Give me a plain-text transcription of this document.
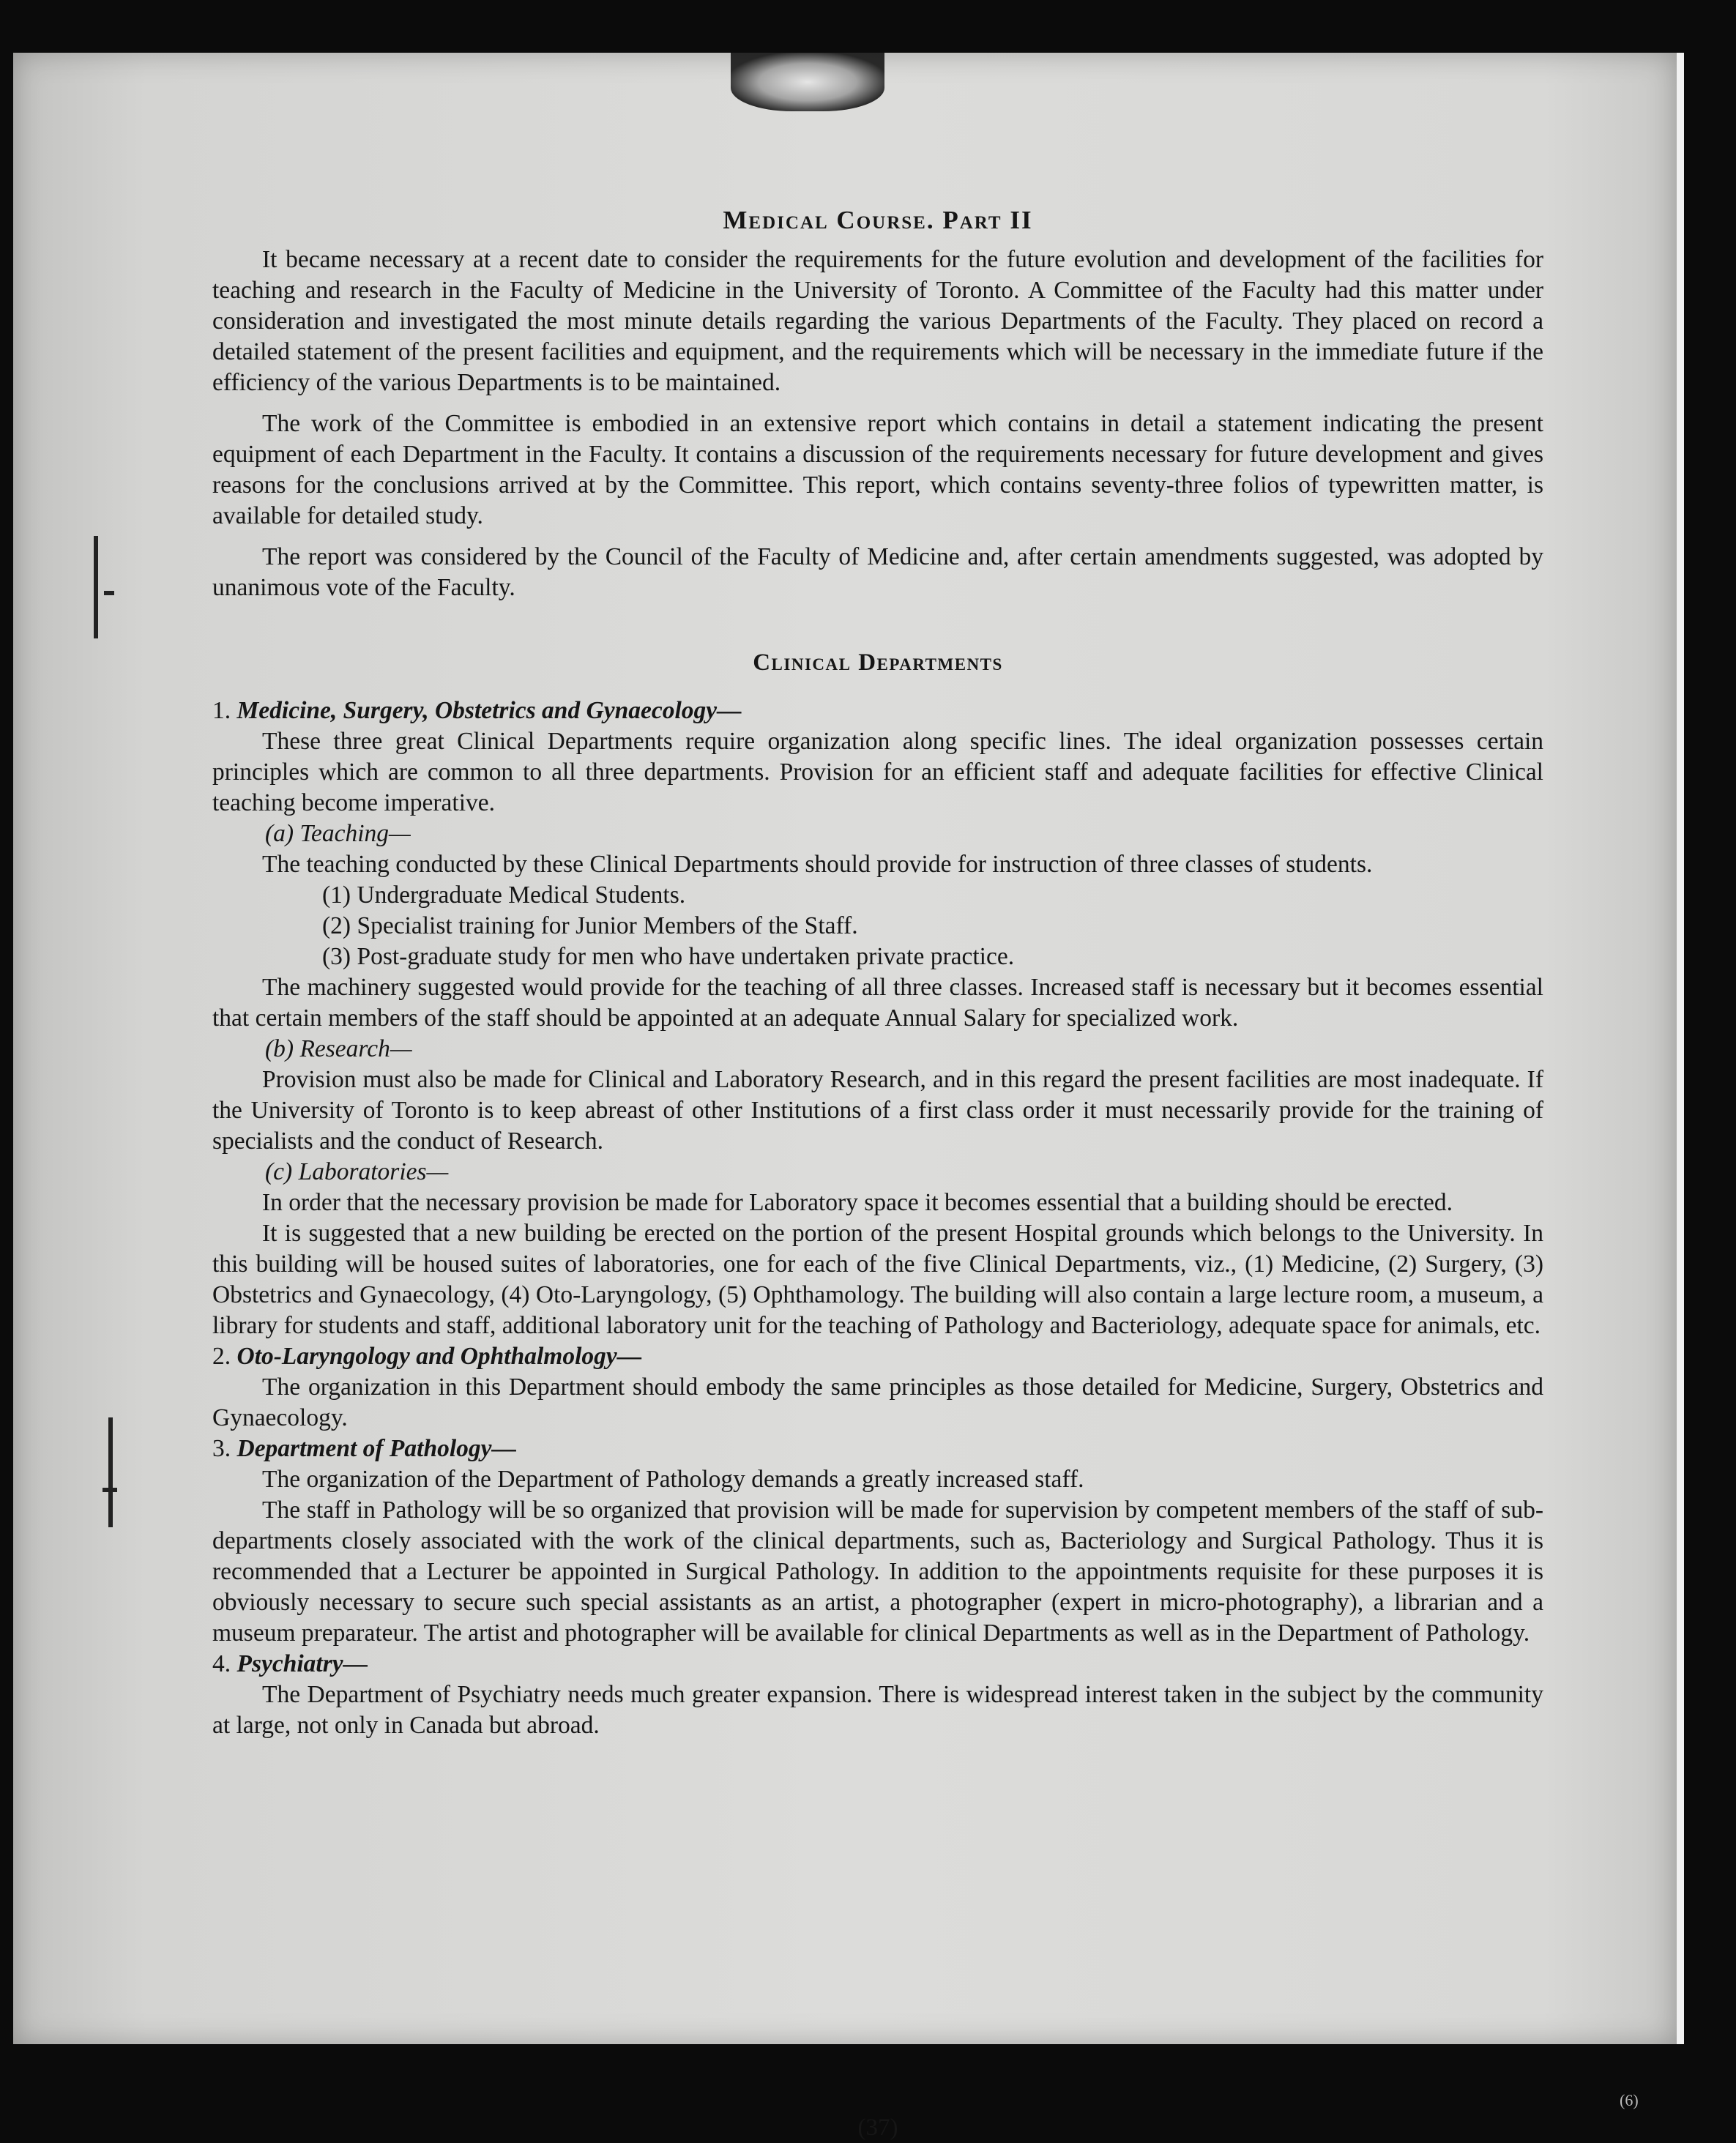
Medical Course. Part II

It became necessary at a recent date to consider the requirements for the future evolution and development of the facilities for teaching and research in the Faculty of Medicine in the University of Toronto. A Committee of the Faculty had this matter under consideration and investigated the most minute details regarding the various Departments of the Faculty. They placed on record a detailed statement of the present facilities and equipment, and the requirements which will be necessary in the immediate future if the efficiency of the various Departments is to be maintained.

The work of the Committee is embodied in an extensive report which contains in detail a statement indicating the present equipment of each Department in the Faculty. It contains a discussion of the requirements necessary for future development and gives reasons for the conclusions arrived at by the Committee. This report, which contains seventy-three folios of typewritten matter, is available for detailed study.

The report was considered by the Council of the Faculty of Medicine and, after certain amendments suggested, was adopted by unanimous vote of the Faculty.

Clinical Departments

1. Medicine, Surgery, Obstetrics and Gynaecology—

These three great Clinical Departments require organization along specific lines. The ideal organization possesses certain principles which are common to all three departments. Provision for an efficient staff and adequate facilities for effective Clinical teaching become imperative.

(a) Teaching—

The teaching conducted by these Clinical Departments should provide for instruction of three classes of students.

(1) Undergraduate Medical Students.
(2) Specialist training for Junior Members of the Staff.
(3) Post-graduate study for men who have undertaken private practice.

The machinery suggested would provide for the teaching of all three classes. Increased staff is necessary but it becomes essential that certain members of the staff should be appointed at an adequate Annual Salary for specialized work.

(b) Research—

Provision must also be made for Clinical and Laboratory Research, and in this regard the present facilities are most inadequate. If the University of Toronto is to keep abreast of other Institutions of a first class order it must necessarily provide for the training of specialists and the conduct of Research.

(c) Laboratories—

In order that the necessary provision be made for Laboratory space it becomes essential that a building should be erected.

It is suggested that a new building be erected on the portion of the present Hospital grounds which belongs to the University. In this building will be housed suites of laboratories, one for each of the five Clinical Departments, viz., (1) Medicine, (2) Surgery, (3) Obstetrics and Gynaecology, (4) Oto-Laryngology, (5) Ophthamology. The building will also contain a large lecture room, a museum, a library for students and staff, additional laboratory unit for the teaching of Pathology and Bacteriology, adequate space for animals, etc.

2. Oto-Laryngology and Ophthalmology—

The organization in this Department should embody the same principles as those detailed for Medicine, Surgery, Obstetrics and Gynaecology.

3. Department of Pathology—

The organization of the Department of Pathology demands a greatly increased staff.

The staff in Pathology will be so organized that provision will be made for supervision by competent members of the staff of sub-departments closely associated with the work of the clinical departments, such as, Bacteriology and Surgical Pathology. Thus it is recommended that a Lecturer be appointed in Surgical Pathology. In addition to the appointments requisite for these purposes it is obviously necessary to secure such special assistants as an artist, a photographer (expert in micro-photography), a librarian and a museum preparateur. The artist and photographer will be available for clinical Departments as well as in the Department of Pathology.

4. Psychiatry—

The Department of Psychiatry needs much greater expansion. There is widespread interest taken in the subject by the community at large, not only in Canada but abroad.

(37)
(6)
